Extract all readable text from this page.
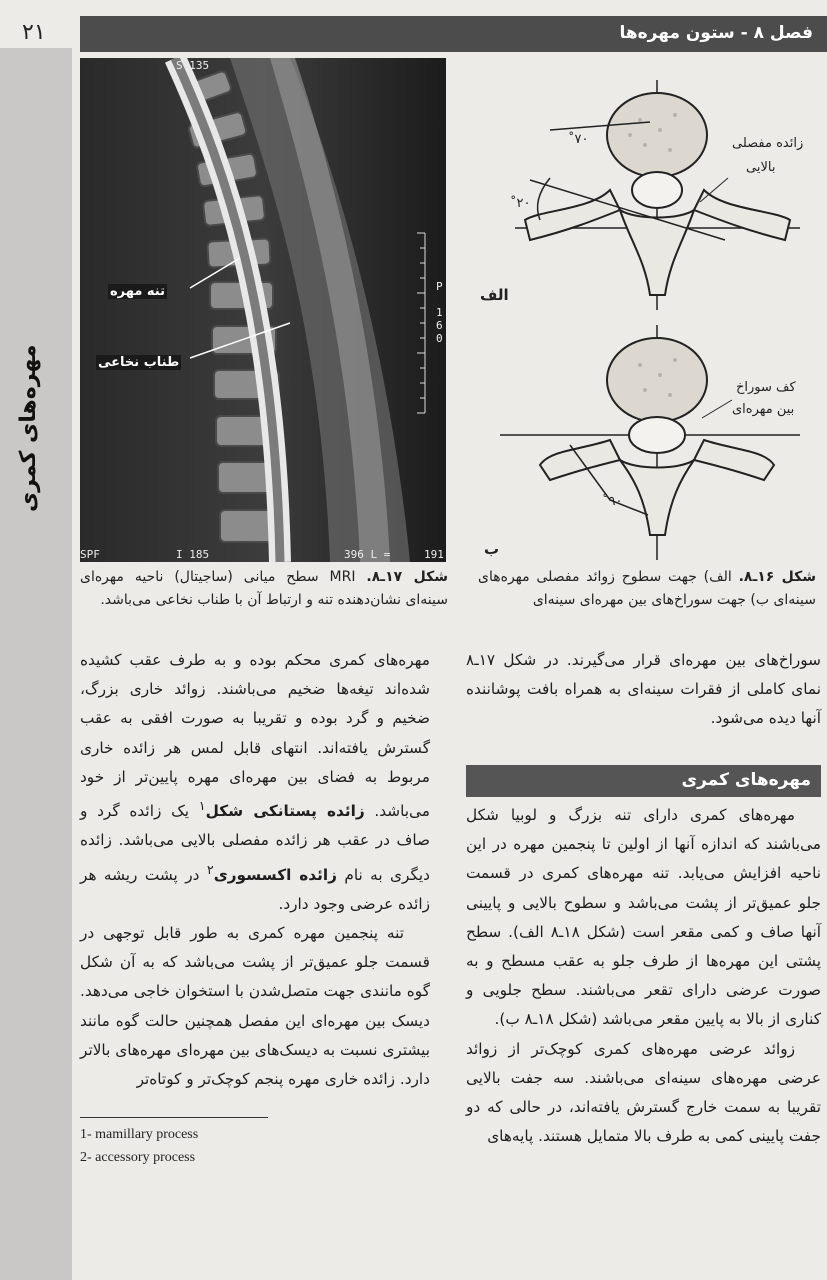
مهره‌های کمری
۲۱	فصل ۸ - ستون مهره‌ها
S 135
SPF	I 185	396 L =	191
P
1
6
0
تنه مهره
طناب نخاعی
شکل ۱۷ـ۸. MRI سطح میانی (ساجیتال) ناحیه مهره‌ای سینه‌ای نشان‌دهنده تنه و ارتباط آن با طناب نخاعی می‌باشد.
۷۰˚
۲۰˚
۹۰˚
زائده مفصلی
بالایی
الف
کف سوراخ
بین مهره‌ای
ب
شکل ۱۶ـ۸. الف) جهت سطوح زوائد مفصلی مهره‌های سینه‌ای ب) جهت سوراخ‌های بین مهره‌ای سینه‌ای

سوراخ‌های بین مهره‌ای قرار می‌گیرند. در شکل ۱۷ـ۸ نمای کاملی از فقرات سینه‌ای به همراه بافت پوشاننده آنها دیده می‌شود.

مهره‌های کمری

مهره‌های کمری دارای تنه بزرگ و لوبیا شکل می‌باشند که اندازه آنها از اولین تا پنجمین مهره در این ناحیه افزایش می‌یابد. تنه مهره‌های کمری در قسمت جلو عمیق‌تر از پشت می‌باشد و سطوح بالایی و پایینی آنها صاف و کمی مقعر است (شکل ۱۸ـ۸ الف). سطح پشتی این مهره‌ها از طرف جلو به عقب مسطح و به صورت عرضی دارای تقعر می‌باشند. سطح جلویی و کناری از بالا به پایین مقعر می‌باشد (شکل ۱۸ـ۸ ب).

زوائد عرضی مهره‌های کمری کوچک‌تر از زوائد عرضی مهره‌های سینه‌ای می‌باشند. سه جفت بالایی تقریبا به سمت خارج گسترش یافته‌اند، در حالی که دو جفت پایینی کمی به طرف بالا متمایل هستند. پایه‌های

مهره‌های کمری محکم بوده و به طرف عقب کشیده شده‌اند تیغه‌ها ضخیم می‌باشند. زوائد خاری بزرگ، ضخیم و گرد بوده و تقریبا به صورت افقی به عقب گسترش یافته‌اند. انتهای قابل لمس هر زائده خاری مربوط به فضای بین مهره‌ای مهره پایین‌تر از خود می‌باشد. زائده پستانکی شکل$^۱$ یک زائده گرد و صاف در عقب هر زائده مفصلی بالایی می‌باشد. زائده دیگری به نام زائده اکسسوری$^۲$ در پشت ریشه هر زائده عرضی وجود دارد.

تنه پنجمین مهره کمری به طور قابل توجهی در قسمت جلو عمیق‌تر از پشت می‌باشد که به آن شکل گوه مانندی جهت متصل‌شدن با استخوان خاجی می‌دهد. دیسک بین مهره‌ای این مفصل همچنین حالت گوه مانند بیشتری نسبت به دیسک‌های بین مهره‌ای مهره‌های بالاتر دارد. زائده خاری مهره پنجم کوچک‌تر و کوتاه‌تر

1- mamillary process
2- accessory process
